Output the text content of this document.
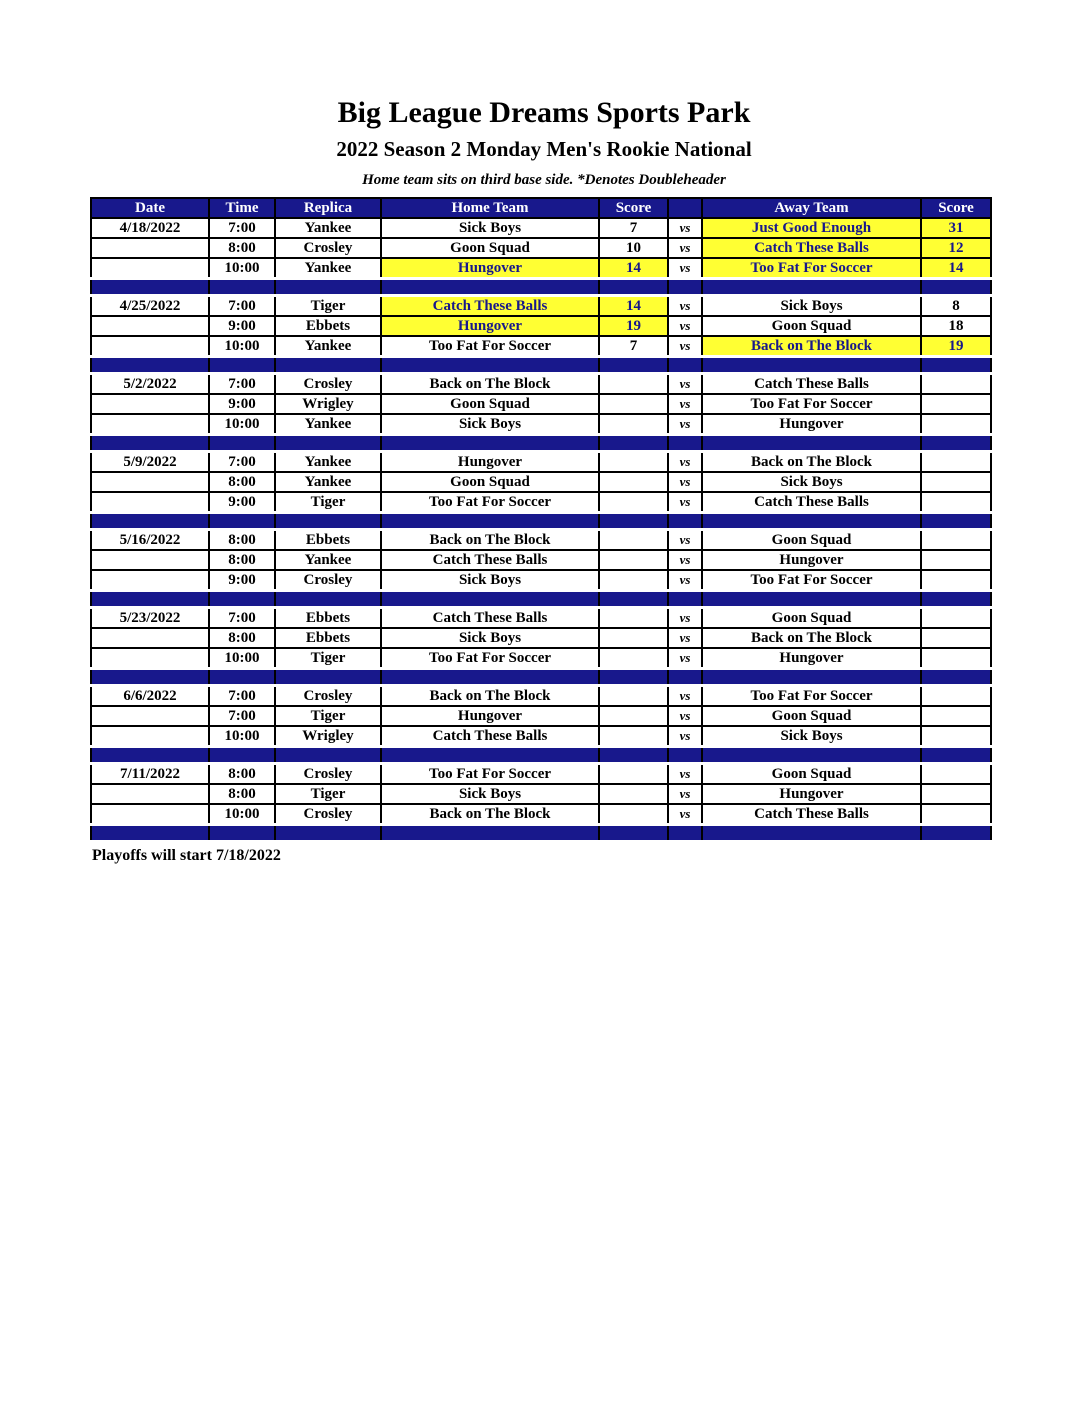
Big League Dreams Sports Park
2022 Season 2 Monday Men's Rookie National
Home team sits on third base side. *Denotes Doubleheader
Date	Time	Replica	Home Team	Score		Away Team	Score
4/18/2022	7:00	Yankee	Sick Boys	7	vs	Just Good Enough	31
	8:00	Crosley	Goon Squad	10	vs	Catch These Balls	12
	10:00	Yankee	Hungover	14	vs	Too Fat For Soccer	14

4/25/2022	7:00	Tiger	Catch These Balls	14	vs	Sick Boys	8
	9:00	Ebbets	Hungover	19	vs	Goon Squad	18
	10:00	Yankee	Too Fat For Soccer	7	vs	Back on The Block	19

5/2/2022	7:00	Crosley	Back on The Block		vs	Catch These Balls	
	9:00	Wrigley	Goon Squad		vs	Too Fat For Soccer	
	10:00	Yankee	Sick Boys		vs	Hungover	

5/9/2022	7:00	Yankee	Hungover		vs	Back on The Block	
	8:00	Yankee	Goon Squad		vs	Sick Boys	
	9:00	Tiger	Too Fat For Soccer		vs	Catch These Balls	

5/16/2022	8:00	Ebbets	Back on The Block		vs	Goon Squad	
	8:00	Yankee	Catch These Balls		vs	Hungover	
	9:00	Crosley	Sick Boys		vs	Too Fat For Soccer	

5/23/2022	7:00	Ebbets	Catch These Balls		vs	Goon Squad	
	8:00	Ebbets	Sick Boys		vs	Back on The Block	
	10:00	Tiger	Too Fat For Soccer		vs	Hungover	

6/6/2022	7:00	Crosley	Back on The Block		vs	Too Fat For Soccer	
	7:00	Tiger	Hungover		vs	Goon Squad	
	10:00	Wrigley	Catch These Balls		vs	Sick Boys	

7/11/2022	8:00	Crosley	Too Fat For Soccer		vs	Goon Squad	
	8:00	Tiger	Sick Boys		vs	Hungover	
	10:00	Crosley	Back on The Block		vs	Catch These Balls	

Playoffs will start 7/18/2022
